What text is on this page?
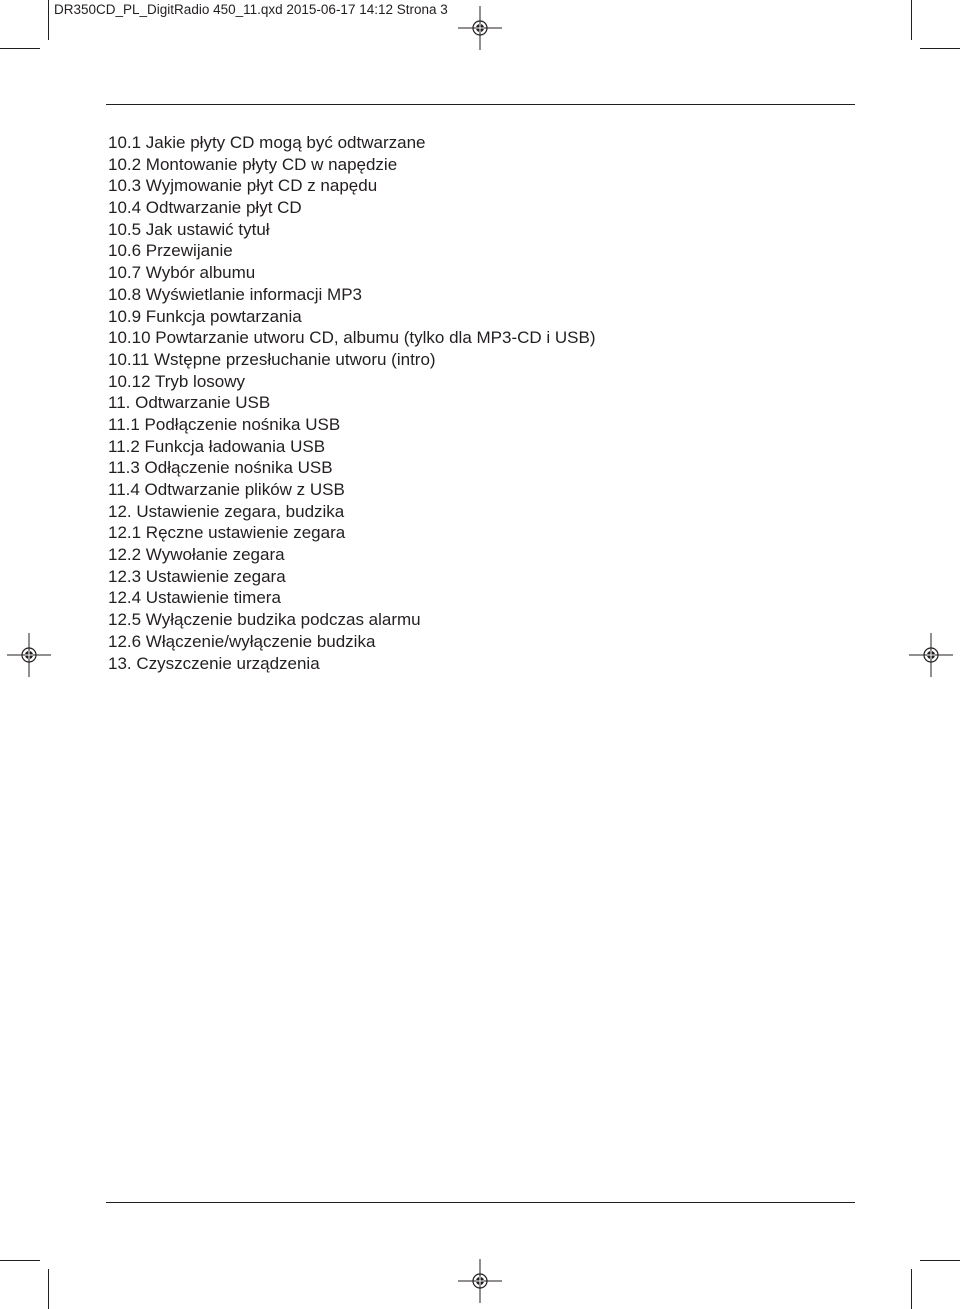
DR350CD_PL_DigitRadio 450_11.qxd 2015-06-17 14:12 Strona 3
10.1 Jakie płyty CD mogą być odtwarzane
10.2 Montowanie płyty CD w napędzie
10.3 Wyjmowanie płyt CD z napędu
10.4 Odtwarzanie płyt CD
10.5 Jak ustawić tytuł
10.6 Przewijanie
10.7 Wybór albumu
10.8 Wyświetlanie informacji MP3
10.9 Funkcja powtarzania
10.10 Powtarzanie utworu CD, albumu (tylko dla MP3-CD i USB)
10.11 Wstępne przesłuchanie utworu (intro)
10.12 Tryb losowy
11. Odtwarzanie USB
11.1 Podłączenie nośnika USB
11.2 Funkcja ładowania USB
11.3 Odłączenie nośnika USB
11.4 Odtwarzanie plików z USB
12. Ustawienie zegara, budzika
12.1 Ręczne ustawienie zegara
12.2 Wywołanie zegara
12.3 Ustawienie zegara
12.4 Ustawienie timera
12.5 Wyłączenie budzika podczas alarmu
12.6 Włączenie/wyłączenie budzika
13. Czyszczenie urządzenia
